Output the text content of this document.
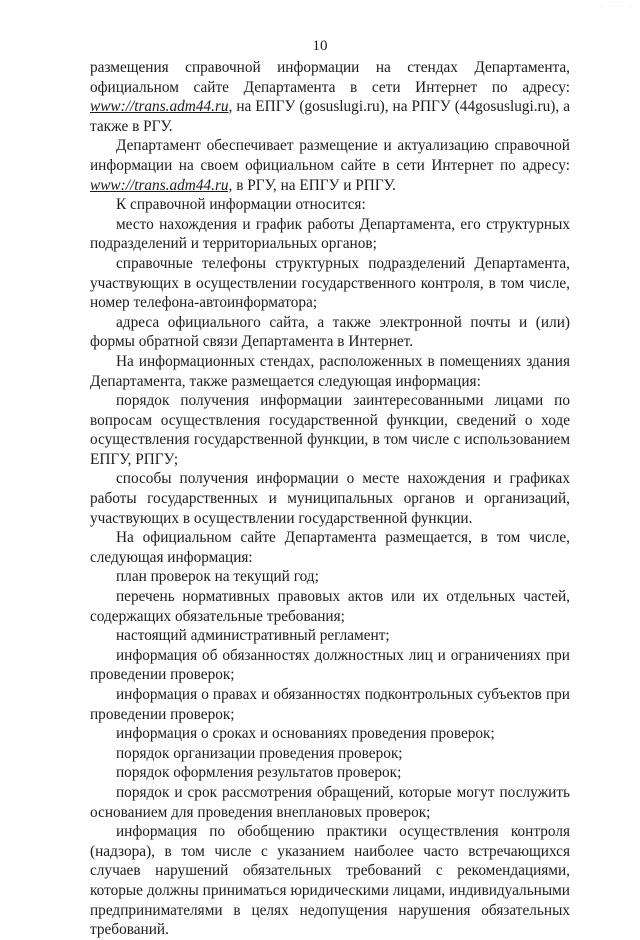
· · · · ·
10

размещения справочной информации на стендах Департамента, официальном сайте Департамента в сети Интернет по адресу: www://trans.adm44.ru, на ЕПГУ (gosuslugi.ru), на РПГУ (44gosuslugi.ru), а также в РГУ.

Департамент обеспечивает размещение и актуализацию справочной информации на своем официальном сайте в сети Интернет по адресу: www://trans.adm44.ru, в РГУ, на ЕПГУ и РПГУ.

К справочной информации относится:

место нахождения и график работы Департамента, его структурных подразделений и территориальных органов;

справочные телефоны структурных подразделений Департамента, участвующих в осуществлении государственного контроля, в том числе, номер телефона-автоинформатора;

адреса официального сайта, а также электронной почты и (или) формы обратной связи Департамента в Интернет.

На информационных стендах, расположенных в помещениях здания Департамента, также размещается следующая информация:

порядок получения информации заинтересованными лицами по вопросам осуществления государственной функции, сведений о ходе осуществления государственной функции, в том числе с использованием ЕПГУ, РПГУ;

способы получения информации о месте нахождения и графиках работы государственных и муниципальных органов и организаций, участвующих в осуществлении государственной функции.

На официальном сайте Департамента размещается, в том числе, следующая информация:

план проверок на текущий год;

перечень нормативных правовых актов или их отдельных частей, содержащих обязательные требования;

настоящий административный регламент;

информация об обязанностях должностных лиц и ограничениях при проведении проверок;

информация о правах и обязанностях подконтрольных субъектов при проведении проверок;

информация о сроках и основаниях проведения проверок;

порядок организации проведения проверок;

порядок оформления результатов проверок;

порядок и срок рассмотрения обращений, которые могут послужить основанием для проведения внеплановых проверок;

информация по обобщению практики осуществления контроля (надзора), в том числе с указанием наиболее часто встречающихся случаев нарушений обязательных требований с рекомендациями, которые должны приниматься юридическими лицами, индивидуальными предпринимателями в целях недопущения нарушения обязательных требований.
